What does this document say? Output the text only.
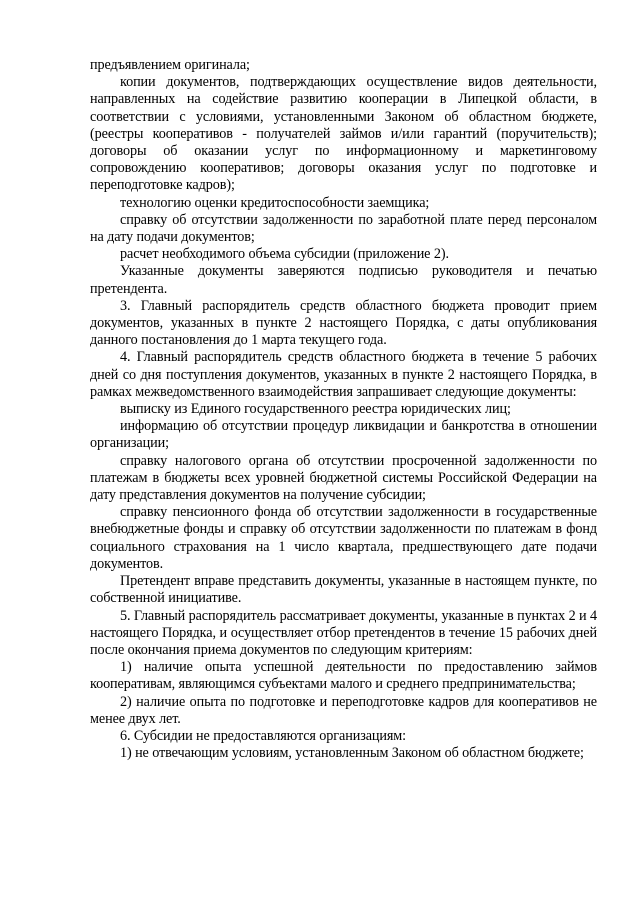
предъявлением оригинала;

копии документов, подтверждающих осуществление видов деятельности, направленных на содействие развитию кооперации в Липецкой области, в соответствии с условиями, установленными Законом об областном бюджете, (реестры кооперативов - получателей займов и/или гарантий (поручительств); договоры об оказании услуг по информационному и маркетинговому сопровождению кооперативов; договоры оказания услуг по подготовке и переподготовке кадров);

технологию оценки кредитоспособности заемщика;

справку об отсутствии задолженности по заработной плате перед персоналом на дату подачи документов;

расчет необходимого объема субсидии (приложение 2).

Указанные документы заверяются подписью руководителя и печатью претендента.

3. Главный распорядитель средств областного бюджета проводит прием документов, указанных в пункте 2 настоящего Порядка, с даты опубликования данного постановления до 1 марта текущего года.

4. Главный распорядитель средств областного бюджета в течение 5 рабочих дней со дня поступления документов, указанных в пункте 2 настоящего Порядка, в рамках межведомственного взаимодействия запрашивает следующие документы:

выписку из Единого государственного реестра юридических лиц;

информацию об отсутствии процедур ликвидации и банкротства в отношении организации;

справку налогового органа об отсутствии просроченной задолженности по платежам в бюджеты всех уровней бюджетной системы Российской Федерации на дату представления документов на получение субсидии;

справку пенсионного фонда об отсутствии задолженности в государственные внебюджетные фонды и справку об отсутствии задолженности по платежам в фонд социального страхования на 1 число квартала, предшествующего дате подачи документов.

Претендент вправе представить документы, указанные в настоящем пункте, по собственной инициативе.

5. Главный распорядитель рассматривает документы, указанные в пунктах 2 и 4 настоящего Порядка, и осуществляет отбор претендентов в течение 15 рабочих дней после окончания приема документов по следующим критериям:

1) наличие опыта успешной деятельности по предоставлению займов кооперативам, являющимся субъектами малого и среднего предпринимательства;

2) наличие опыта по подготовке и переподготовке кадров для кооперативов не менее двух лет.

6. Субсидии не предоставляются организациям:

1) не отвечающим условиям, установленным Законом об областном бюджете;
